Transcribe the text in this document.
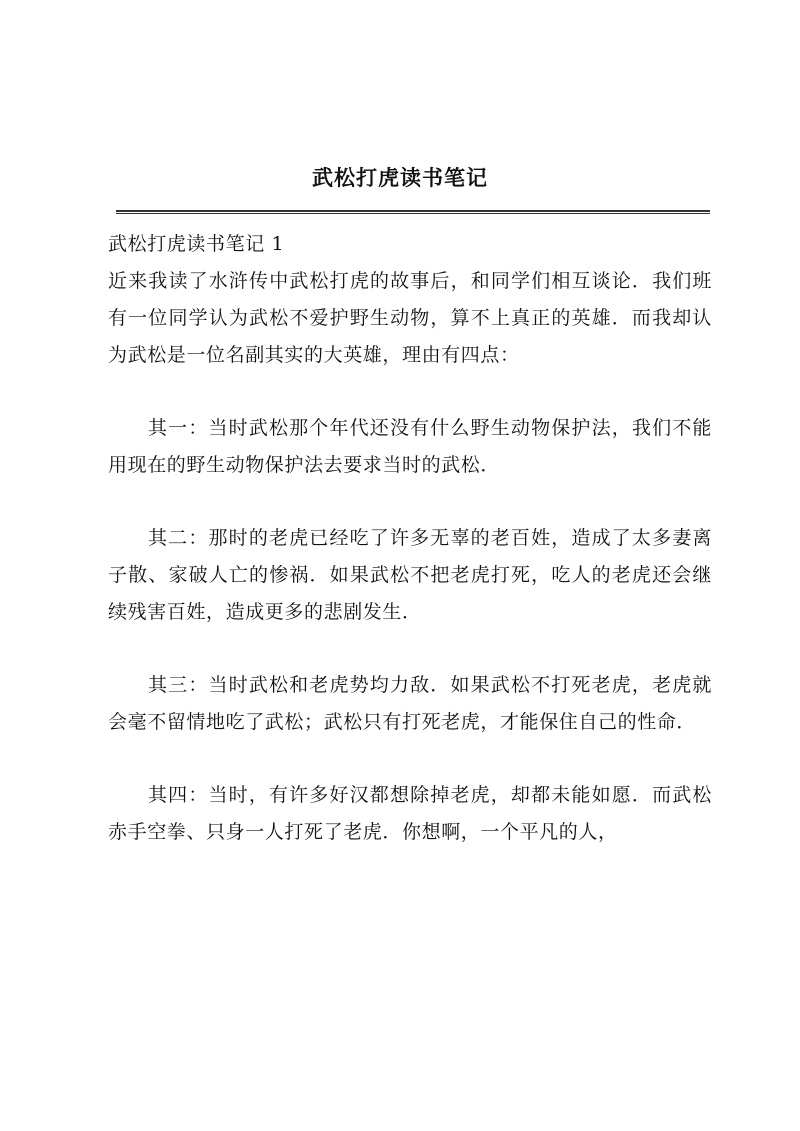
武松打虎读书笔记

武松打虎读书笔记 1

近来我读了水浒传中武松打虎的故事后，和同学们相互谈论．我们班有一位同学认为武松不爱护野生动物，算不上真正的英雄．而我却认为武松是一位名副其实的大英雄，理由有四点：

其一：当时武松那个年代还没有什么野生动物保护法，我们不能用现在的野生动物保护法去要求当时的武松．

其二：那时的老虎已经吃了许多无辜的老百姓，造成了太多妻离子散、家破人亡的惨祸．如果武松不把老虎打死，吃人的老虎还会继续残害百姓，造成更多的悲剧发生．

其三：当时武松和老虎势均力敌．如果武松不打死老虎，老虎就会毫不留情地吃了武松；武松只有打死老虎，才能保住自己的性命．

其四：当时，有许多好汉都想除掉老虎，却都未能如愿．而武松赤手空拳、只身一人打死了老虎．你想啊，一个平凡的人，
